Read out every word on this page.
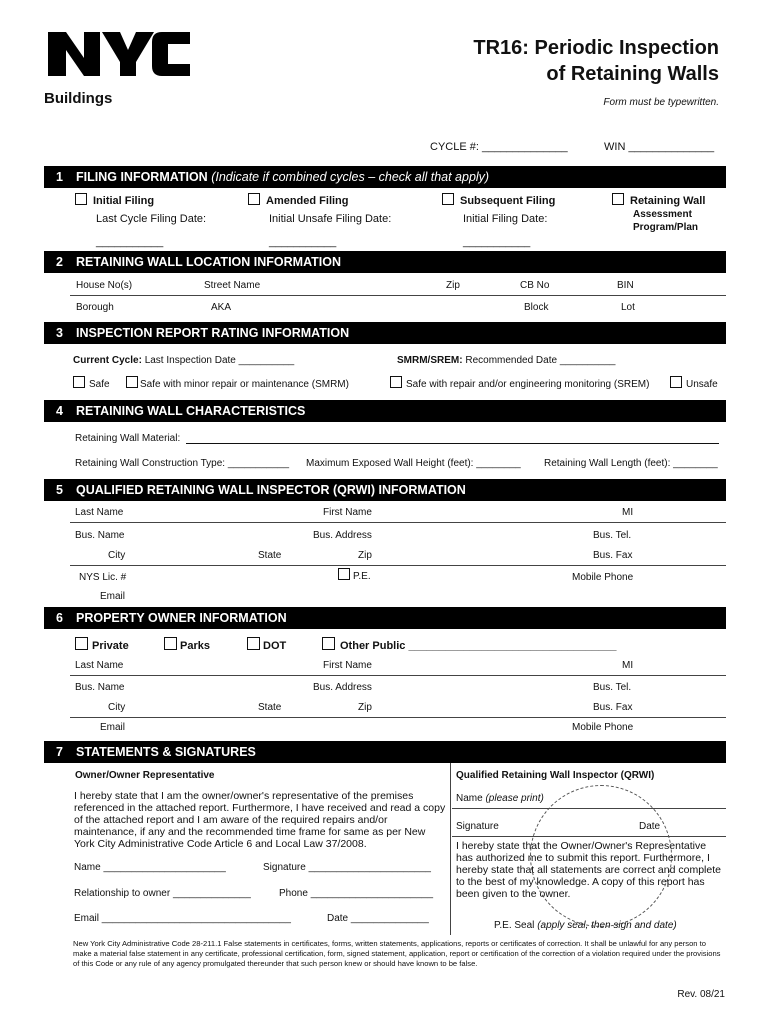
TM
Buildings
TR16: Periodic Inspection
of Retaining Walls
Form must be typewritten.
CYCLE #: ______________	WIN ______________
1 FILING INFORMATION (Indicate if combined cycles – check all that apply)
Initial Filing
Last Cycle Filing Date:
___________
Amended Filing
Initial Unsafe Filing Date:
___________
Subsequent Filing
Initial Filing Date:
___________
Retaining Wall
Assessment
Program/Plan
2 RETAINING WALL LOCATION INFORMATION
House No(s)	Street Name	Zip	CB No	BIN
Borough	AKA	Block	Lot
3 INSPECTION REPORT RATING INFORMATION
Current Cycle: Last Inspection Date __________	SMRM/SREM: Recommended Date __________
Safe	Safe with minor repair or maintenance (SMRM)	Safe with repair and/or engineering monitoring (SREM)	Unsafe
4 RETAINING WALL CHARACTERISTICS
Retaining Wall Material:
Retaining Wall Construction Type: ___________ Maximum Exposed Wall Height (feet): ________ Retaining Wall Length (feet): ________
5 QUALIFIED RETAINING WALL INSPECTOR (QRWI) INFORMATION
Last Name	First Name	MI
Bus. Name	Bus. Address	Bus. Tel.
City	State	Zip	Bus. Fax
NYS Lic. #	P.E.	Mobile Phone
Email
6 PROPERTY OWNER INFORMATION
Private	Parks	DOT	Other Public __________________________________
Last Name	First Name	MI
Bus. Name	Bus. Address	Bus. Tel.
City	State	Zip	Bus. Fax
Email	Mobile Phone
7 STATEMENTS & SIGNATURES
Owner/Owner Representative
I hereby state that I am the owner/owner's representative of the premises referenced in the attached report. Furthermore, I have received and read a copy of the attached report and I am aware of the required repairs and/or maintenance, if any and the recommended time frame for same as per New York City Administrative Code Article 6 and Local Law 37/2008.
Name ______________________	Signature ______________________
Relationship to owner ______________	Phone ______________________
Email __________________________________	Date ______________
Qualified Retaining Wall Inspector (QRWI)
Name (please print)
Signature	Date
I hereby state that the Owner/Owner's Representative has authorized me to submit this report. Furthermore, I hereby state that all statements are correct and complete to the best of my knowledge. A copy of this report has been given to the owner.
P.E. Seal (apply seal, then sign and date)
New York City Administrative Code 28-211.1 False statements in certificates, forms, written statements, applications, reports or certificates of correction. It shall be unlawful for any person to make a material false statement in any certificate, professional certification, form, signed statement, application, report or certification of the correction of a violation required under the provisions of this Code or any rule of any agency promulgated thereunder that such person knew or should have known to be false.
Rev. 08/21
